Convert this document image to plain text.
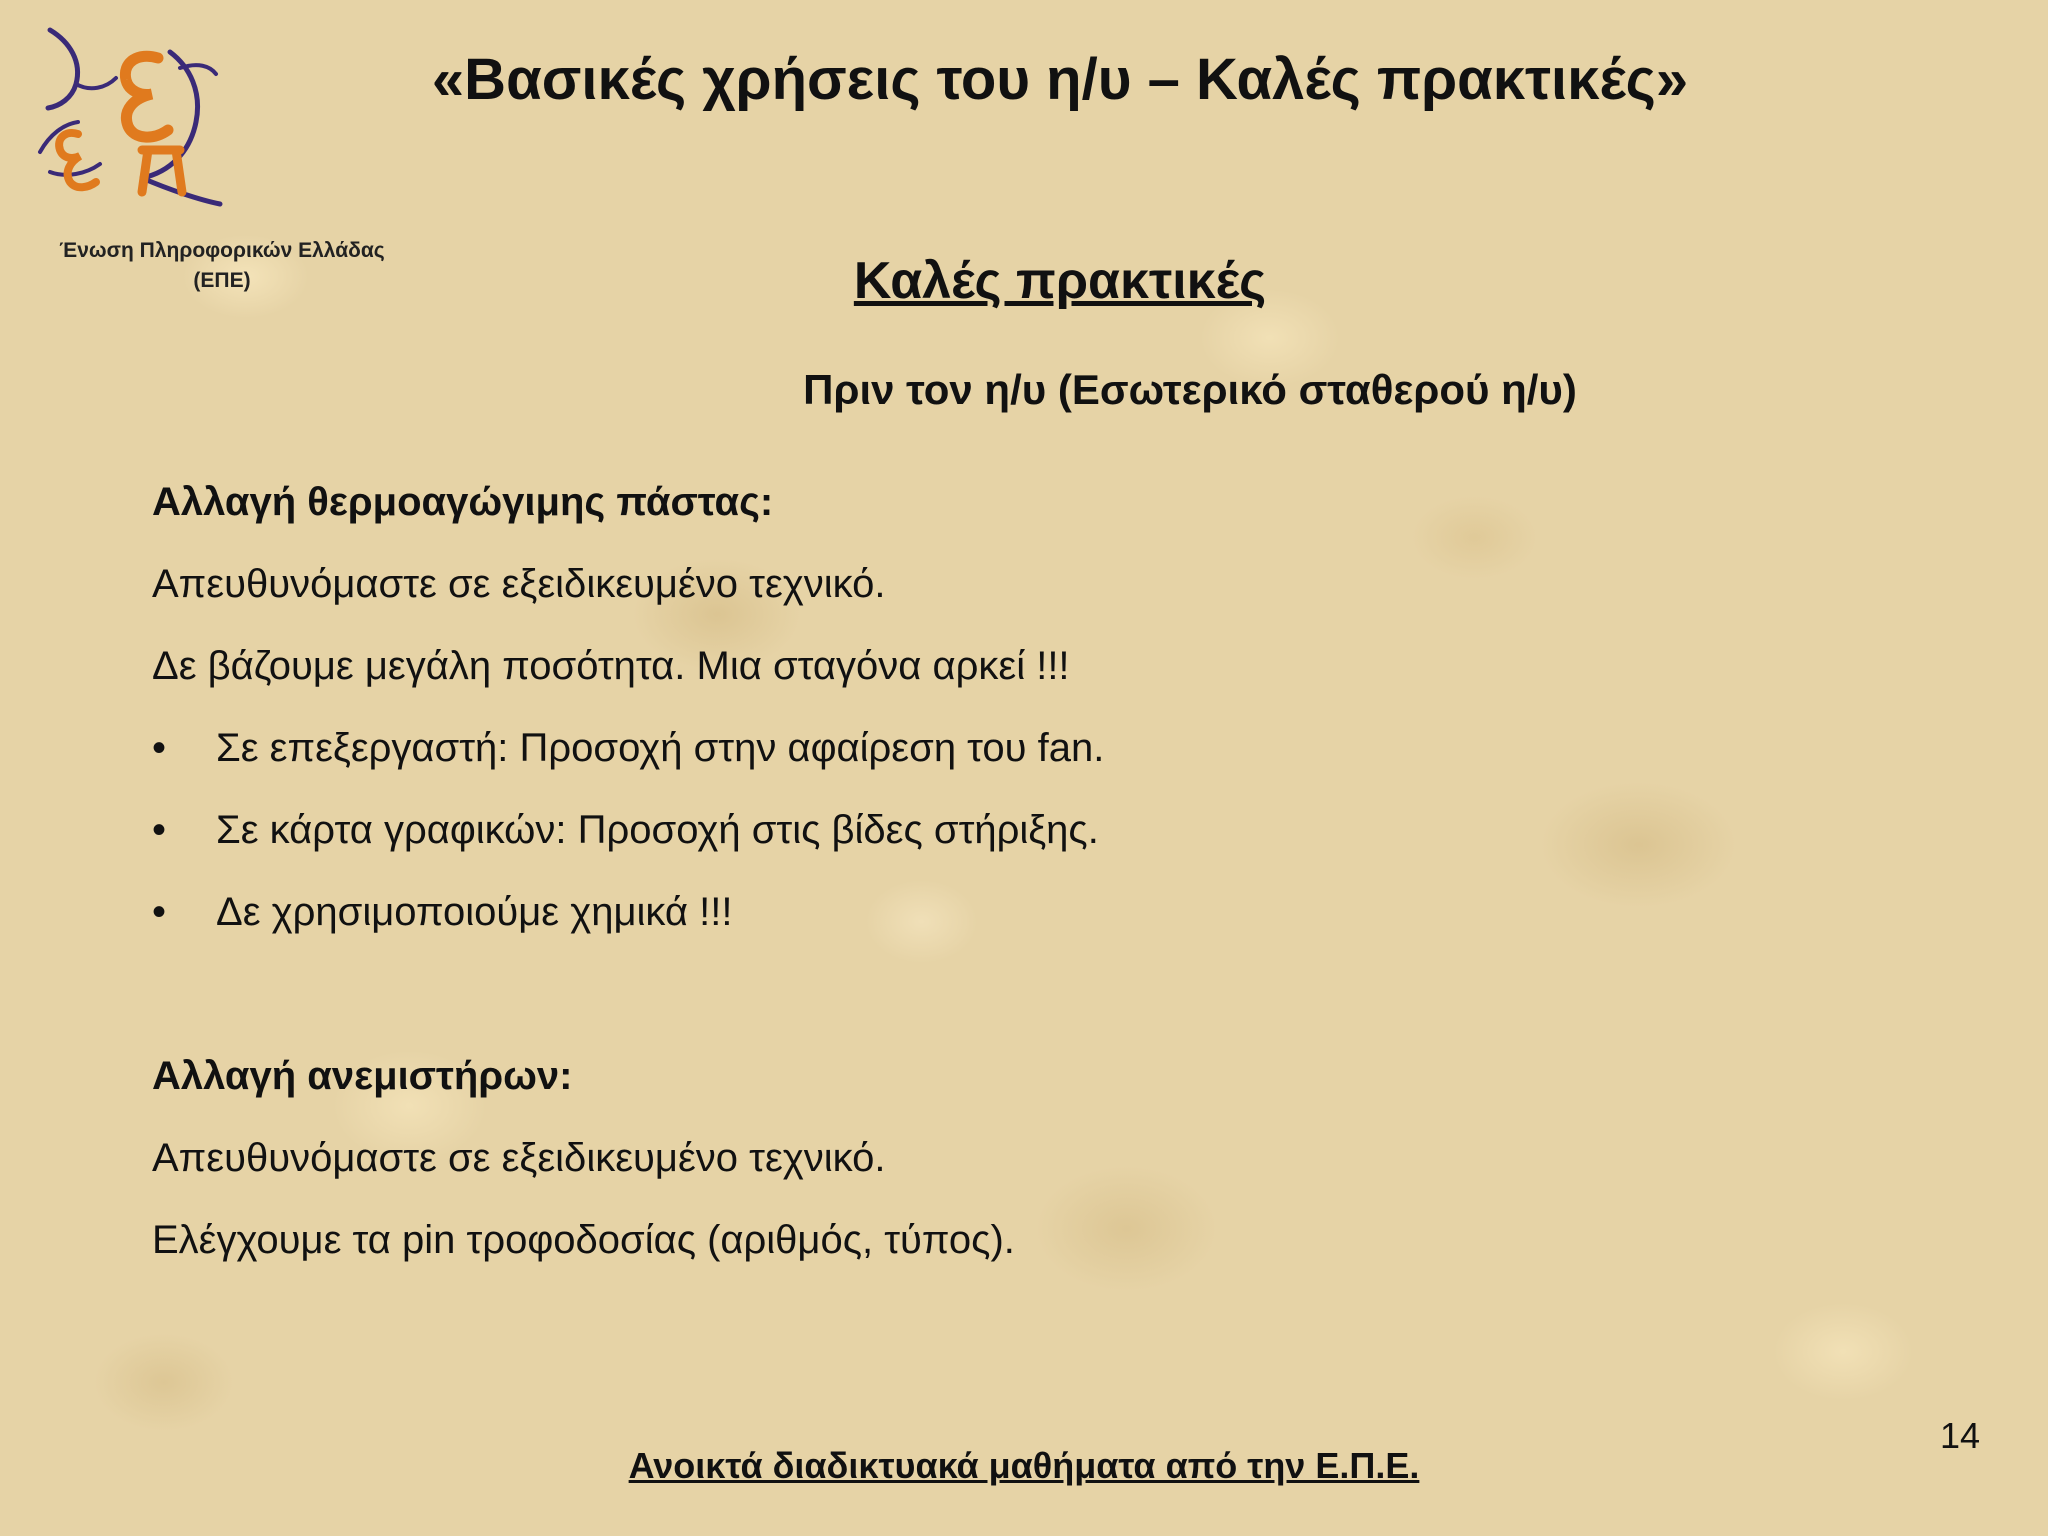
Ένωση Πληροφορικών Ελλάδας
(ΕΠΕ)
«Βασικές χρήσεις του η/υ – Καλές πρακτικές»
Καλές πρακτικές
Πριν τον η/υ (Εσωτερικό σταθερού η/υ)
Αλλαγή θερμοαγώγιμης πάστας:
Απευθυνόμαστε σε εξειδικευμένο τεχνικό.
Δε βάζουμε μεγάλη ποσότητα. Μια σταγόνα αρκεί !!!
• Σε επεξεργαστή: Προσοχή στην αφαίρεση του fan.
• Σε κάρτα γραφικών: Προσοχή στις βίδες στήριξης.
• Δε χρησιμοποιούμε χημικά !!!
Αλλαγή ανεμιστήρων:
Απευθυνόμαστε σε εξειδικευμένο τεχνικό.
Ελέγχουμε τα pin τροφοδοσίας (αριθμός, τύπος).
14
Ανοικτά διαδικτυακά μαθήματα από την Ε.Π.Ε.
